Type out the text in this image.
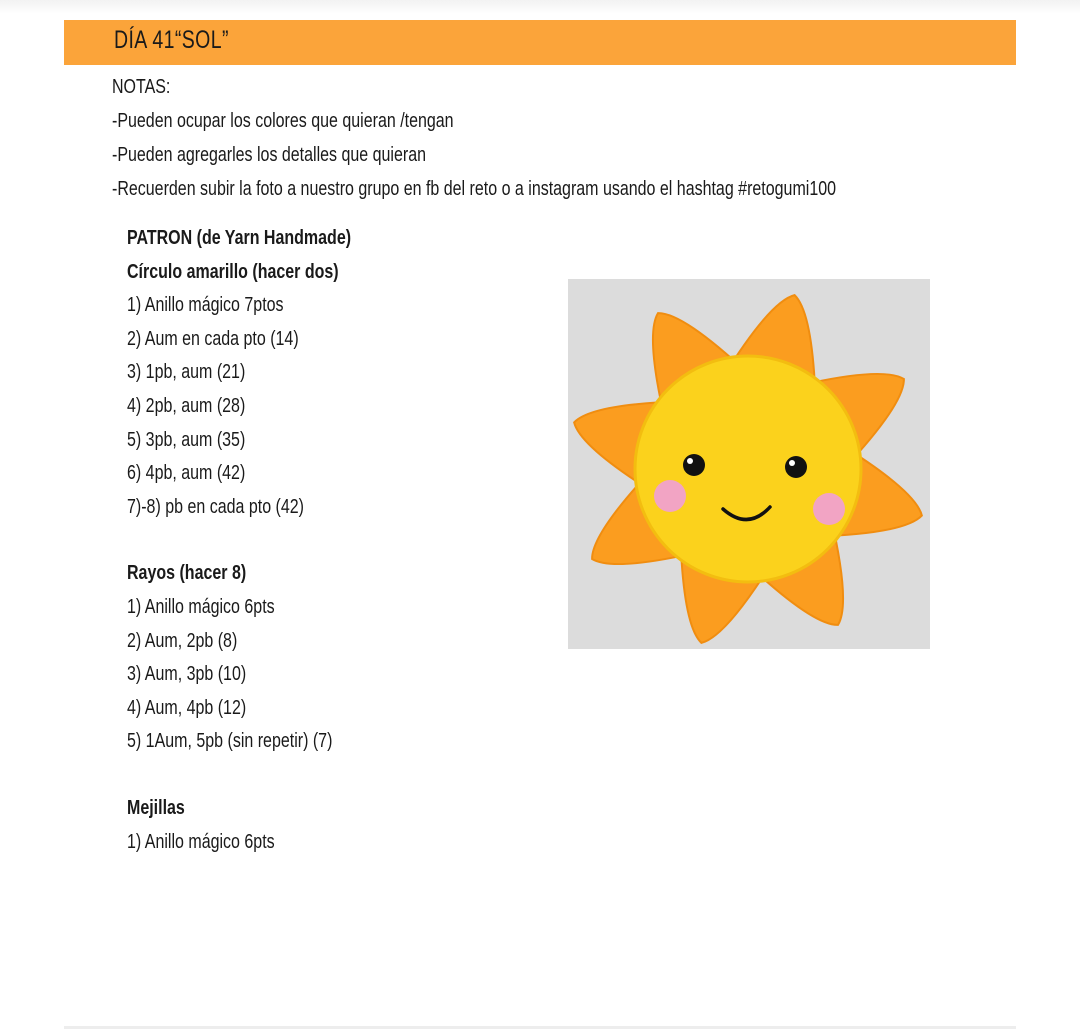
DÍA 41“SOL”
NOTAS:
-Pueden ocupar los colores que quieran /tengan
-Pueden agregarles los detalles que quieran
-Recuerden subir la foto a nuestro grupo en fb del reto o a instagram usando el hashtag #retogumi100
PATRON (de Yarn Handmade)
Círculo amarillo (hacer dos)
1) Anillo mágico 7ptos
2) Aum en cada pto (14)
3) 1pb, aum (21)
4) 2pb, aum (28)
5) 3pb, aum (35)
6) 4pb, aum (42)
7)-8) pb en cada pto (42)
Rayos (hacer 8)
1) Anillo mágico 6pts
2) Aum, 2pb (8)
3) Aum, 3pb (10)
4) Aum, 4pb (12)
5) 1Aum, 5pb (sin repetir) (7)
Mejillas
1) Anillo mágico 6pts
